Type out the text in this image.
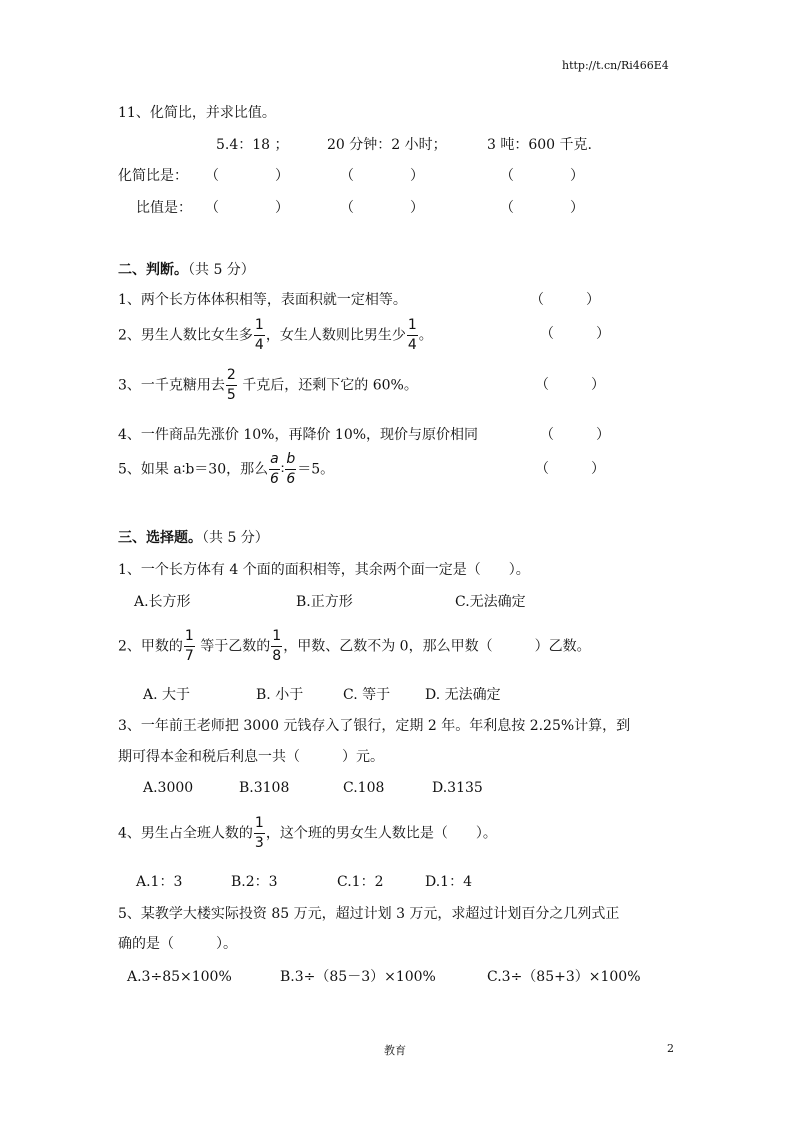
http://t.cn/Ri466E4
11、化简比，并求比值。
5.4：18 ；	20 分钟：2 小时；	3 吨：600 千克.
化简比是： （　　　　）	（　　　　）	（　　　　）
比值是： （　　　　）	（　　　　）	（　　　　）
二、判断。（共 5 分）
1、两个长方体体积相等，表面积就一定相等。	（　　　）
2、男生人数比女生多 $\frac{1}{4}$ ，女生人数则比男生少 $\frac{1}{4}$ 。	（　　　）
3、一千克糖用去 $\frac{2}{5}$ 千克后，还剩下它的 60%。	（　　　）
4、一件商品先涨价 10%，再降价 10%，现价与原价相同	（　　　）
5、如果 a∶b＝30，那么 $\frac{a}{6}$ ∶ $\frac{b}{6} =5$。	（　　　）
三、选择题。（共 5 分）
1、一个长方体有 4 个面的面积相等，其余两个面一定是（　　）。
A.长方形	B.正方形	C.无法确定
2、甲数的 $\frac{1}{7}$ 等于乙数的 $\frac{1}{8}$ ，甲数、乙数不为 0，那么甲数（　　　）乙数。
A. 大于	B. 小于	C. 等于 D. 无法确定
3、一年前王老师把 3000 元钱存入了银行，定期 2 年。年利息按 2.25%计算，到
期可得本金和税后利息一共（　　　）元。
A.3000	B.3108	C.108	D.3135
4、男生占全班人数的 $\frac{1}{3}$ ，这个班的男女生人数比是（　　）。
A.1：3	B.2：3	C.1：2	D.1：4
5、某教学大楼实际投资 85 万元，超过计划 3 万元，求超过计划百分之几列式正
确的是（　　　）。
A.3÷85×100%	B.3÷（85－3）×100%	C.3÷（85+3）×100%
教育	2
